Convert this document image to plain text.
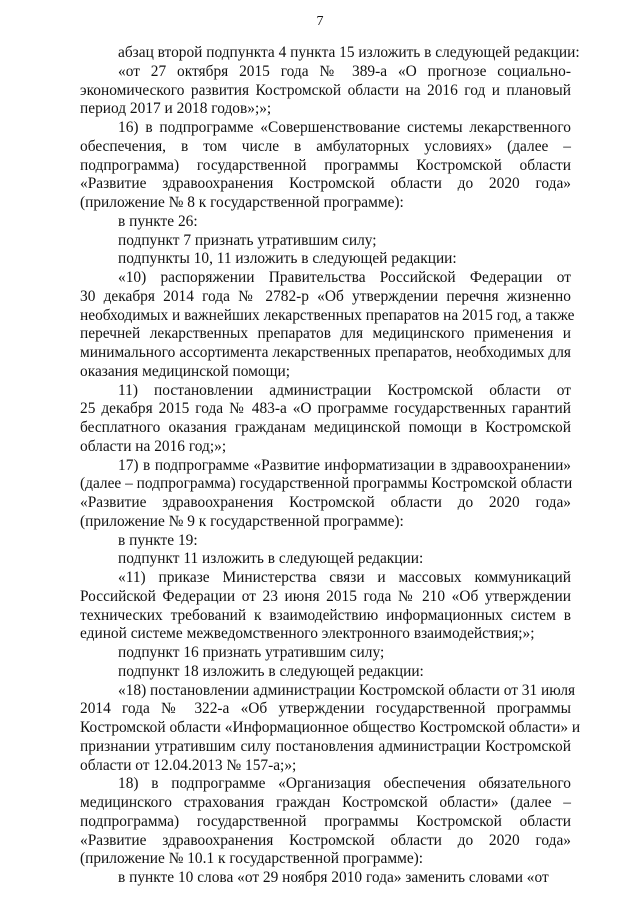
7
абзац второй подпункта 4 пункта 15 изложить в следующей редакции:
«от 27 октября 2015 года № 389-а «О прогнозе социально-
экономического развития Костромской области на 2016 год и плановый
период 2017 и 2018 годов»;»;
16) в подпрограмме «Совершенствование системы лекарственного
обеспечения, в том числе в амбулаторных условиях» (далее –
подпрограмма) государственной программы Костромской области
«Развитие здравоохранения Костромской области до 2020 года»
(приложение № 8 к государственной программе):
в пункте 26:
подпункт 7 признать утратившим силу;
подпункты 10, 11 изложить в следующей редакции:
«10) распоряжении Правительства Российской Федерации от
30 декабря 2014 года № 2782-р «Об утверждении перечня жизненно
необходимых и важнейших лекарственных препаратов на 2015 год, а также
перечней лекарственных препаратов для медицинского применения и
минимального ассортимента лекарственных препаратов, необходимых для
оказания медицинской помощи;
11) постановлении администрации Костромской области от
25 декабря 2015 года № 483-а «О программе государственных гарантий
бесплатного оказания гражданам медицинской помощи в Костромской
области на 2016 год;»;
17) в подпрограмме «Развитие информатизации в здравоохранении»
(далее – подпрограмма) государственной программы Костромской области
«Развитие здравоохранения Костромской области до 2020 года»
(приложение № 9 к государственной программе):
в пункте 19:
подпункт 11 изложить в следующей редакции:
«11) приказе Министерства связи и массовых коммуникаций
Российской Федерации от 23 июня 2015 года № 210 «Об утверждении
технических требований к взаимодействию информационных систем в
единой системе межведомственного электронного взаимодействия;»;
подпункт 16 признать утратившим силу;
подпункт 18 изложить в следующей редакции:
«18) постановлении администрации Костромской области от 31 июля
2014 года № 322-а «Об утверждении государственной программы
Костромской области «Информационное общество Костромской области» и
признании утратившим силу постановления администрации Костромской
области от 12.04.2013 № 157-а;»;
18) в подпрограмме «Организация обеспечения обязательного
медицинского страхования граждан Костромской области» (далее –
подпрограмма) государственной программы Костромской области
«Развитие здравоохранения Костромской области до 2020 года»
(приложение № 10.1 к государственной программе):
в пункте 10 слова «от 29 ноября 2010 года» заменить словами «от
